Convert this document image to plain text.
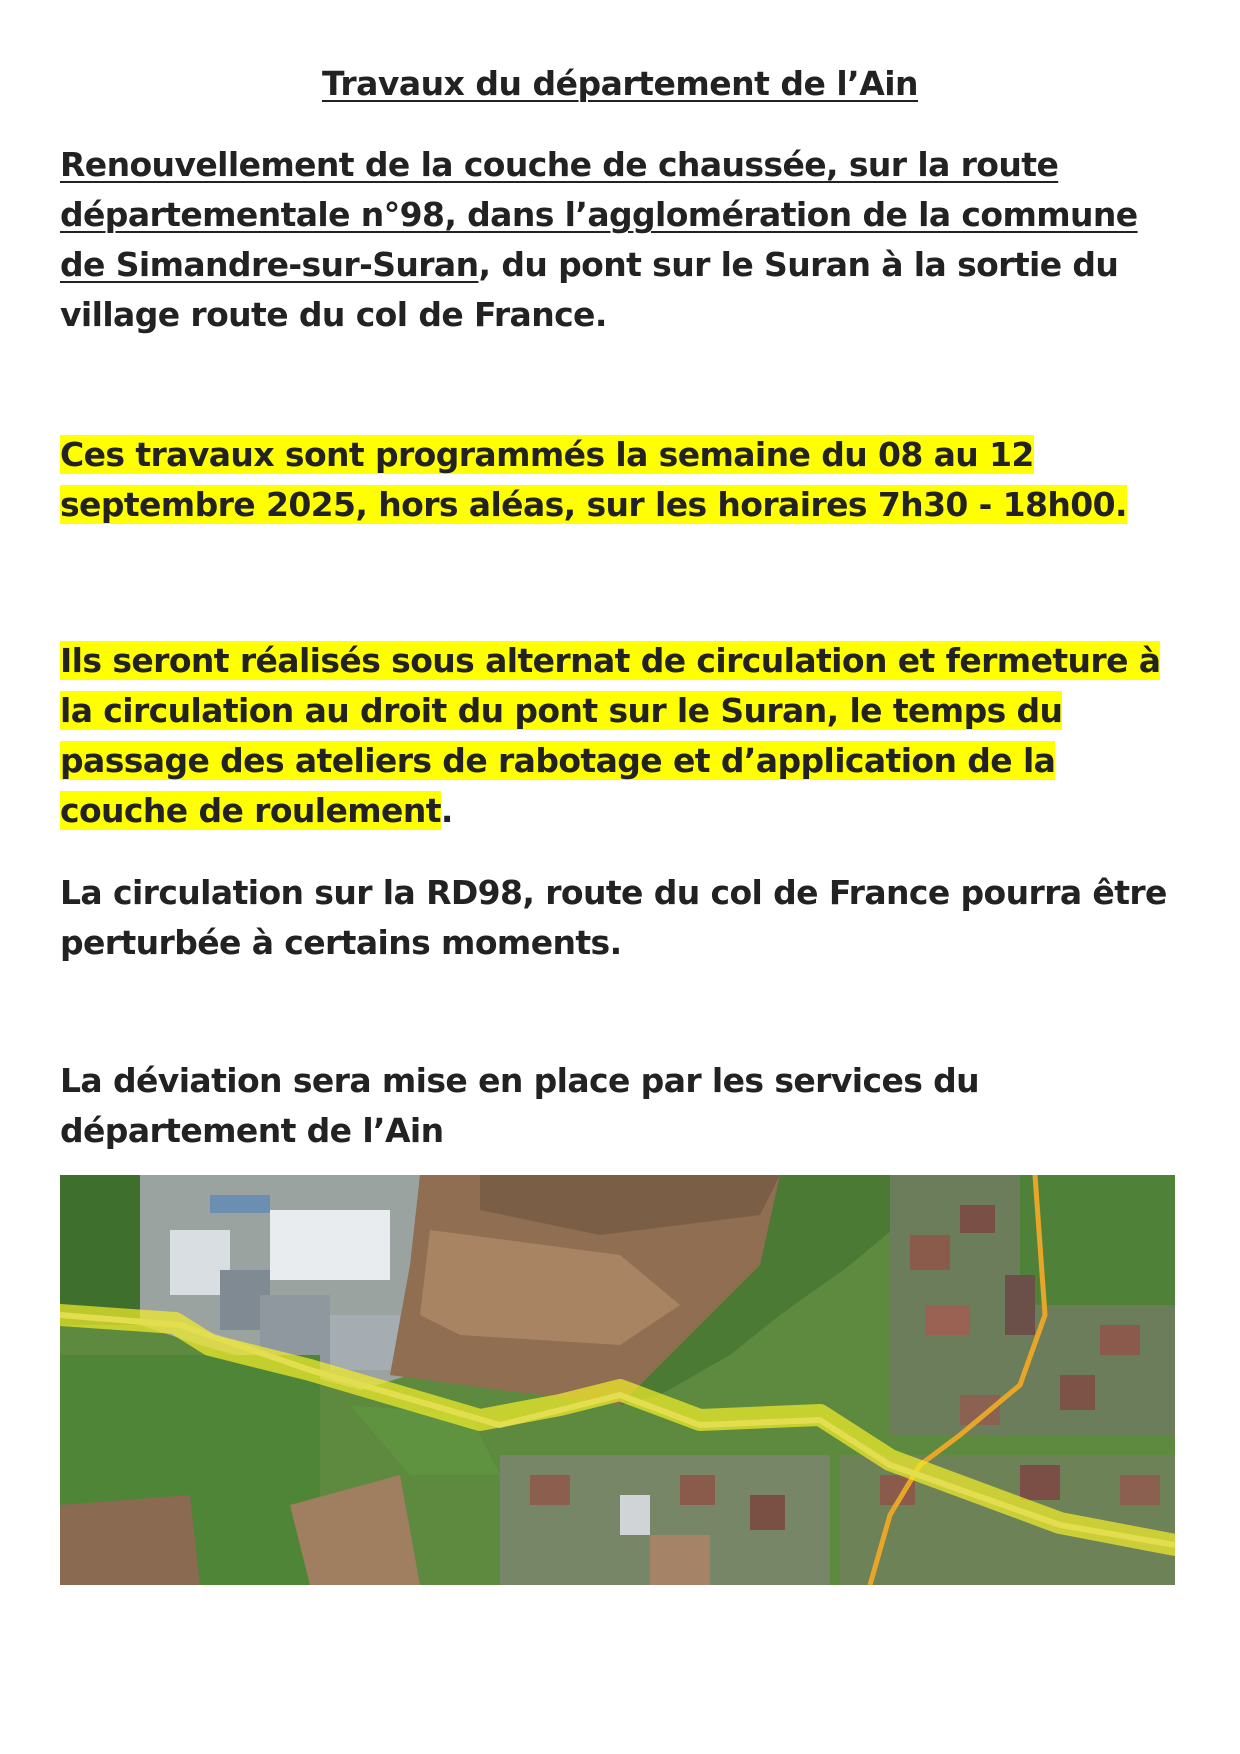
Travaux du département de l’Ain

Renouvellement de la couche de chaussée, sur la route départementale n°98, dans l’agglomération de la commune de Simandre-sur-Suran, du pont sur le Suran à la sortie du village route du col de France.

Ces travaux sont programmés la semaine du 08 au 12 septembre 2025, hors aléas, sur les horaires 7h30 - 18h00.

Ils seront réalisés sous alternat de circulation et fermeture à la circulation au droit du pont sur le Suran, le temps du passage des ateliers de rabotage et d’application de la couche de roulement.

La circulation sur la RD98, route du col de France pourra être perturbée à certains moments.

La déviation sera mise en place par les services du département de l’Ain
